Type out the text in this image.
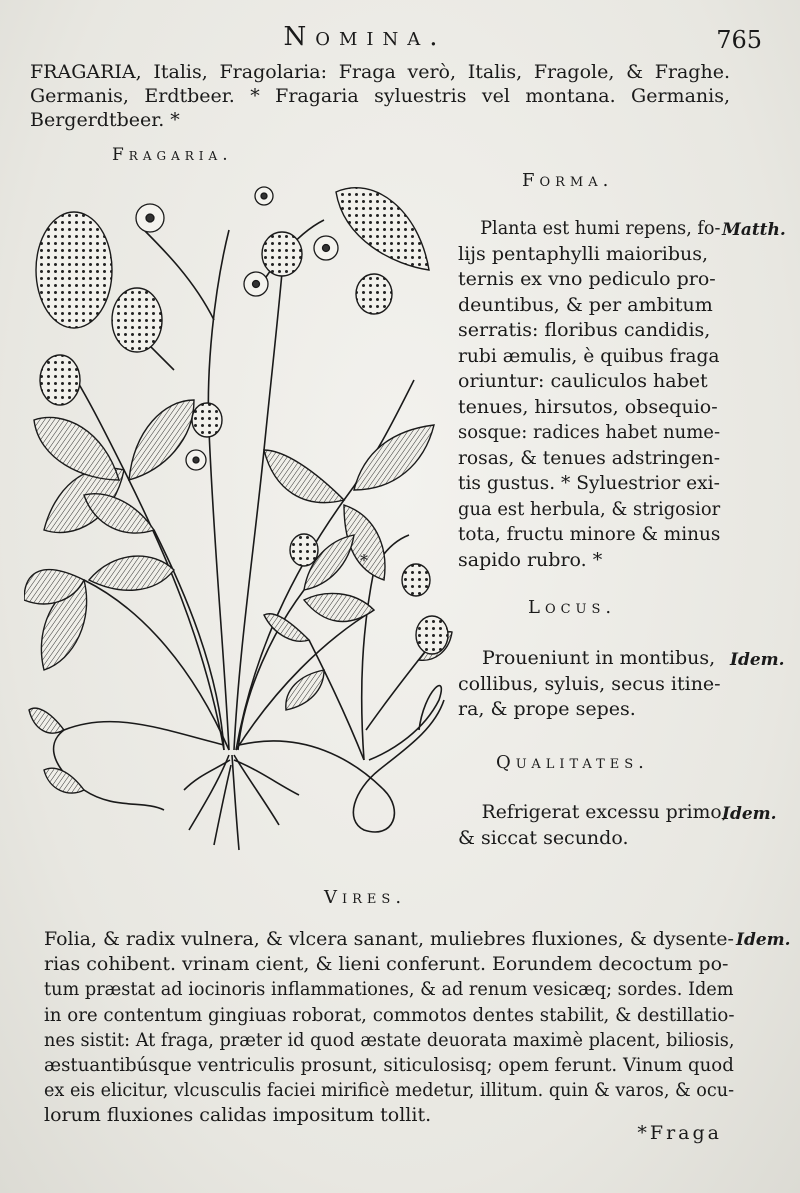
Nomina.	765
FRAGARIA, Italis, Fragolaria: Fraga verò, Italis, Fragole, & Fraghe. Germanis, Erdtbeer. * Fragaria syluestris vel montana. Germanis, Bergerdtbeer. *
Fragaria.
*
Forma.
Planta est humi repens, fo-
lijs pentaphylli maioribus,
ternis ex vno pediculo pro-
deuntibus, & per ambitum
serratis: floribus candidis,
rubi æmulis, è quibus fraga
oriuntur: cauliculos habet
tenues, hirsutos, obsequio-
sosque: radices habet nume-
rosas, & tenues adstringen-
tis gustus. * Syluestrior exi-
gua est herbula, & strigosior
tota, fructu minore & minus
sapido rubro. *
Matth.
Locus.
Proueniunt in montibus,
collibus, syluis, secus itine-
ra, & prope sepes.
Idem.
Qualitates.
Refrigerat excessu primo,
& siccat secundo.
Idem.
Vires.
Folia, & radix vulnera, & vlcera sanant, muliebres fluxiones, & dysente-
rias cohibent. vrinam cient, & lieni conferunt. Eorundem decoctum po-
tum præstat ad iocinoris inflammationes, & ad renum vesicæq; sordes. Idem
in ore contentum gingiuas roborat, commotos dentes stabilit, & destillatio-
nes sistit: At fraga, præter id quod æstate deuorata maximè placent, biliosis,
æstuantibúsque ventriculis prosunt, siticulosisq; opem ferunt. Vinum quod
ex eis elicitur, vlcusculis faciei mirificè medetur, illitum. quin & varos, & ocu-
lorum fluxiones calidas impositum tollit.
Idem.
*Fraga
